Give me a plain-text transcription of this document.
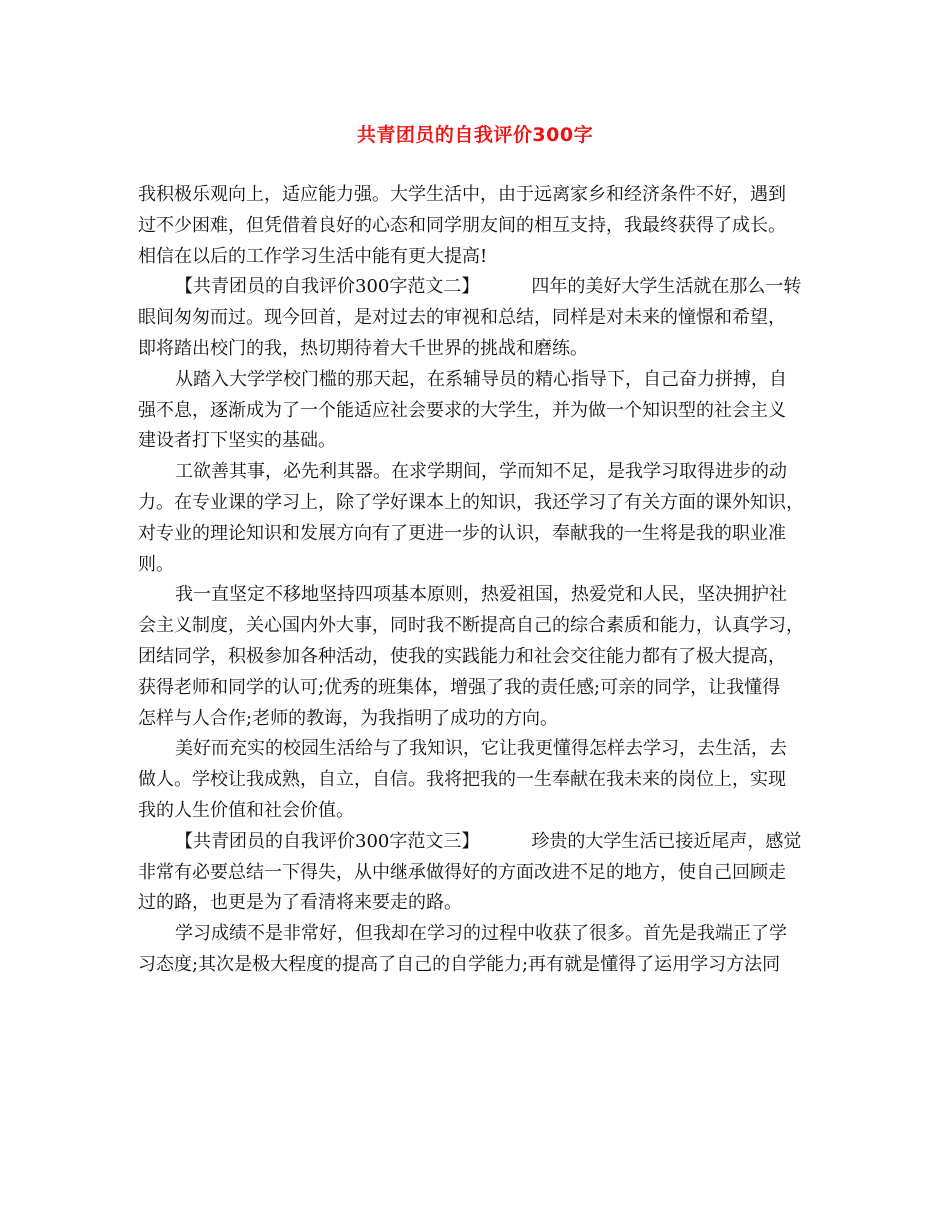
共青团员的自我评价300字
我积极乐观向上，适应能力强。大学生活中，由于远离家乡和经济条件不好，遇到
过不少困难，但凭借着良好的心态和同学朋友间的相互支持，我最终获得了成长。
相信在以后的工作学习生活中能有更大提高!
【共青团员的自我评价300字范文二】	四年的美好大学生活就在那么一转
眼间匆匆而过。现今回首，是对过去的审视和总结，同样是对未来的憧憬和希望，
即将踏出校门的我，热切期待着大千世界的挑战和磨练。
从踏入大学学校门槛的那天起，在系辅导员的精心指导下，自己奋力拼搏，自
强不息，逐渐成为了一个能适应社会要求的大学生，并为做一个知识型的社会主义
建设者打下坚实的基础。
工欲善其事，必先利其器。在求学期间，学而知不足，是我学习取得进步的动
力。在专业课的学习上，除了学好课本上的知识，我还学习了有关方面的课外知识，
对专业的理论知识和发展方向有了更进一步的认识，奉献我的一生将是我的职业准
则。
我一直坚定不移地坚持四项基本原则，热爱祖国，热爱党和人民，坚决拥护社
会主义制度，关心国内外大事，同时我不断提高自己的综合素质和能力，认真学习，
团结同学，积极参加各种活动，使我的实践能力和社会交往能力都有了极大提高，
获得老师和同学的认可;优秀的班集体，增强了我的责任感;可亲的同学，让我懂得
怎样与人合作;老师的教诲，为我指明了成功的方向。
美好而充实的校园生活给与了我知识，它让我更懂得怎样去学习，去生活，去
做人。学校让我成熟，自立，自信。我将把我的一生奉献在我未来的岗位上，实现
我的人生价值和社会价值。
【共青团员的自我评价300字范文三】	珍贵的大学生活已接近尾声，感觉
非常有必要总结一下得失，从中继承做得好的方面改进不足的地方，使自己回顾走
过的路，也更是为了看清将来要走的路。
学习成绩不是非常好，但我却在学习的过程中收获了很多。首先是我端正了学
习态度;其次是极大程度的提高了自己的自学能力;再有就是懂得了运用学习方法同
